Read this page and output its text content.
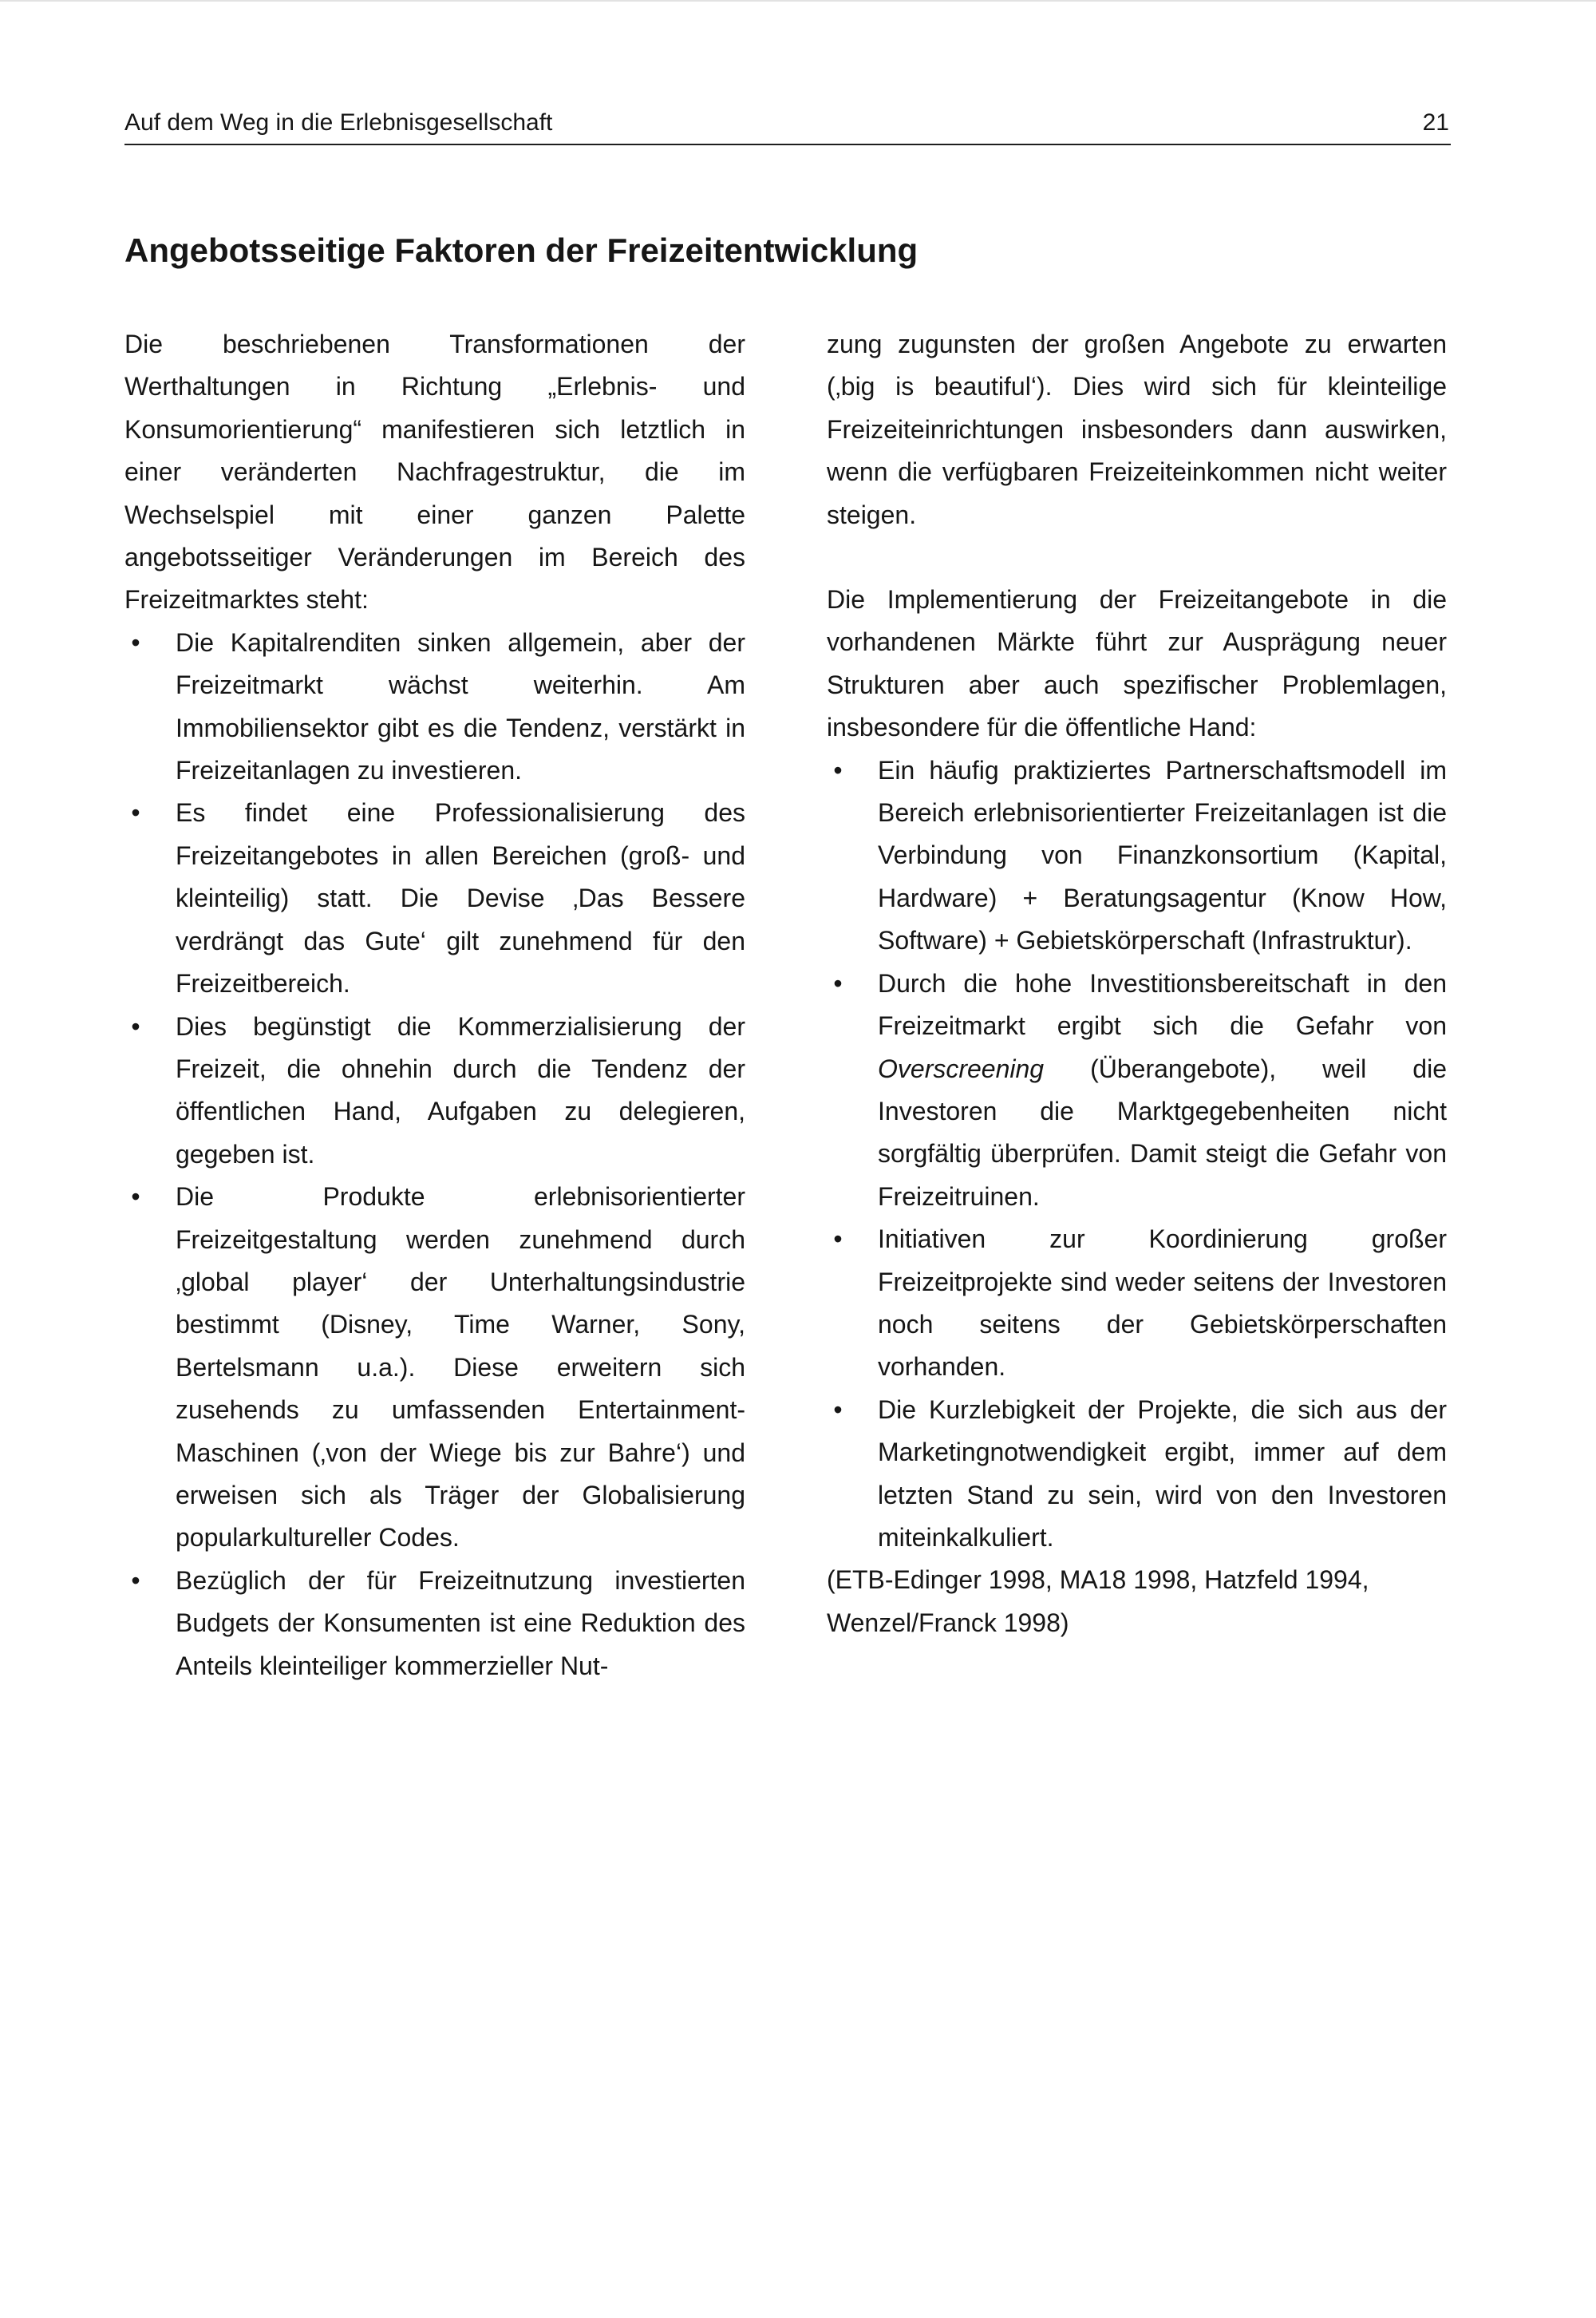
Auf dem Weg in die Erlebnisgesellschaft	21
Angebotsseitige Faktoren der Freizeitentwicklung

Die beschriebenen Transformationen der Werthaltungen in Richtung „Erlebnis- und Konsumorientierung“ manifestieren sich letztlich in einer veränderten Nachfragestruktur, die im Wechselspiel mit einer ganzen Palette angebotsseitiger Veränderungen im Bereich des Freizeitmarktes steht:

• Die Kapitalrenditen sinken allgemein, aber der Freizeitmarkt wächst weiterhin. Am Immobiliensektor gibt es die Tendenz, verstärkt in Freizeitanlagen zu investieren.
• Es findet eine Professionalisierung des Freizeitangebotes in allen Bereichen (groß- und kleinteilig) statt. Die Devise ‚Das Bessere verdrängt das Gute‘ gilt zunehmend für den Freizeitbereich.
• Dies begünstigt die Kommerzialisierung der Freizeit, die ohnehin durch die Tendenz der öffentlichen Hand, Aufgaben zu delegieren, gegeben ist.
• Die Produkte erlebnisorientierter Freizeitgestaltung werden zunehmend durch ‚global player‘ der Unterhaltungsindustrie bestimmt (Disney, Time Warner, Sony, Bertelsmann u.a.). Diese erweitern sich zusehends zu umfassenden Entertainment-Maschinen (‚von der Wiege bis zur Bahre‘) und erweisen sich als Träger der Globalisierung popularkultureller Codes.
• Bezüglich der für Freizeitnutzung investierten Budgets der Konsumenten ist eine Reduktion des Anteils kleinteiliger kommerzieller Nut-

zung zugunsten der großen Angebote zu erwarten (‚big is beautiful‘). Dies wird sich für kleinteilige Freizeiteinrichtungen insbesonders dann auswirken, wenn die verfügbaren Freizeiteinkommen nicht weiter steigen.

Die Implementierung der Freizeitangebote in die vorhandenen Märkte führt zur Ausprägung neuer Strukturen aber auch spezifischer Problemlagen, insbesondere für die öffentliche Hand:

• Ein häufig praktiziertes Partnerschaftsmodell im Bereich erlebnisorientierter Freizeitanlagen ist die Verbindung von Finanzkonsortium (Kapital, Hardware) + Beratungsagentur (Know How, Software) + Gebietskörperschaft (Infrastruktur).
• Durch die hohe Investitionsbereitschaft in den Freizeitmarkt ergibt sich die Gefahr von Overscreening (Überangebote), weil die Investoren die Marktgegebenheiten nicht sorgfältig überprüfen. Damit steigt die Gefahr von Freizeitruinen.
• Initiativen zur Koordinierung großer Freizeitprojekte sind weder seitens der Investoren noch seitens der Gebietskörperschaften vorhanden.
• Die Kurzlebigkeit der Projekte, die sich aus der Marketingnotwendigkeit ergibt, immer auf dem letzten Stand zu sein, wird von den Investoren miteinkalkuliert.

(ETB-Edinger 1998, MA18 1998, Hatzfeld 1994,

Wenzel/Franck 1998)
